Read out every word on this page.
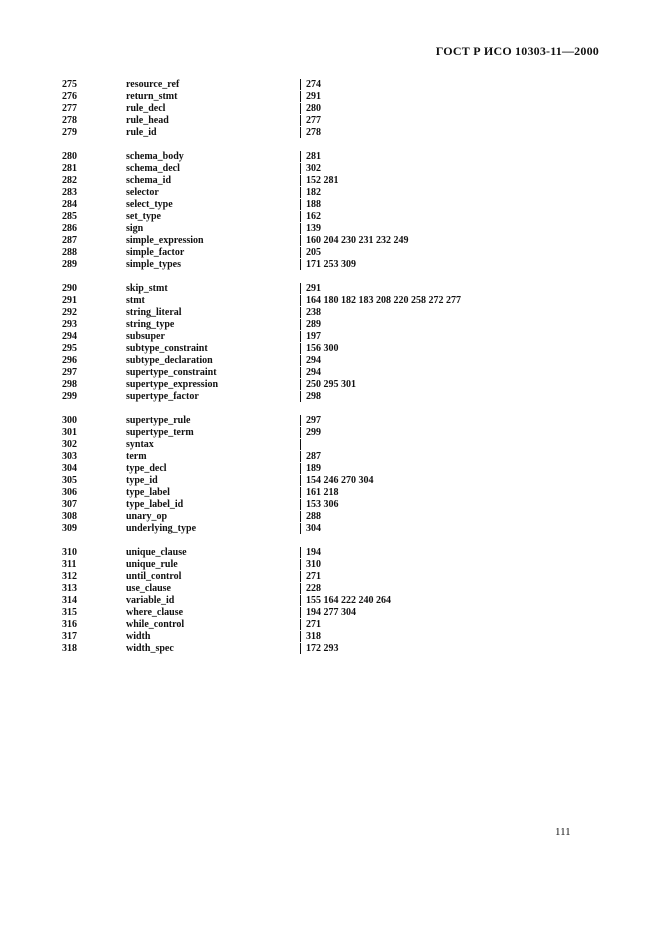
ГОСТ Р ИСО 10303-11—2000
275	resource_ref	274
276	return_stmt	291
277	rule_decl	280
278	rule_head	277
279	rule_id	278
280	schema_body	281
281	schema_decl	302
282	schema_id	152 281
283	selector	182
284	select_type	188
285	set_type	162
286	sign	139
287	simple_expression	160 204 230 231 232 249
288	simple_factor	205
289	simple_types	171 253 309
290	skip_stmt	291
291	stmt	164 180 182 183 208 220 258 272 277
292	string_literal	238
293	string_type	289
294	subsuper	197
295	subtype_constraint	156 300
296	subtype_declaration	294
297	supertype_constraint	294
298	supertype_expression	250 295 301
299	supertype_factor	298
300	supertype_rule	297
301	supertype_term	299
302	syntax
303	term	287
304	type_decl	189
305	type_id	154 246 270 304
306	type_label	161 218
307	type_label_id	153 306
308	unary_op	288
309	underlying_type	304
310	unique_clause	194
311	unique_rule	310
312	until_control	271
313	use_clause	228
314	variable_id	155 164 222 240 264
315	where_clause	194 277 304
316	while_control	271
317	width	318
318	width_spec	172 293
111
